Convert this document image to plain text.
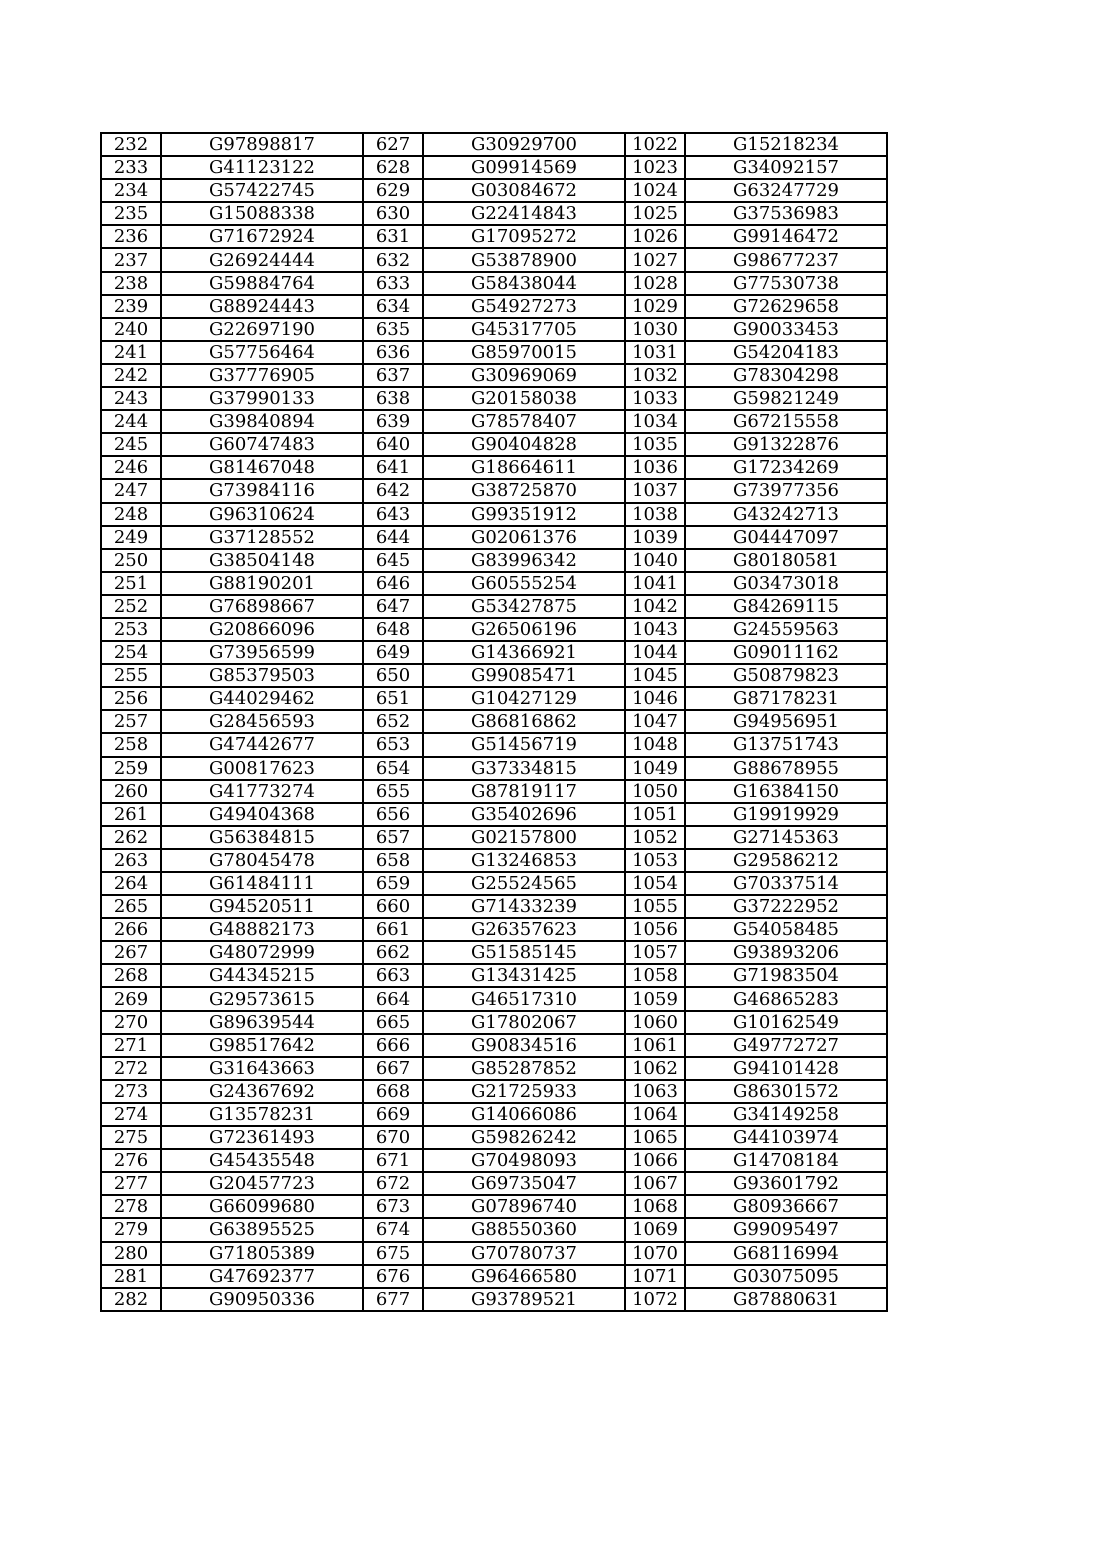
232	G97898817	627	G30929700	1022	G15218234
233	G41123122	628	G09914569	1023	G34092157
234	G57422745	629	G03084672	1024	G63247729
235	G15088338	630	G22414843	1025	G37536983
236	G71672924	631	G17095272	1026	G99146472
237	G26924444	632	G53878900	1027	G98677237
238	G59884764	633	G58438044	1028	G77530738
239	G88924443	634	G54927273	1029	G72629658
240	G22697190	635	G45317705	1030	G90033453
241	G57756464	636	G85970015	1031	G54204183
242	G37776905	637	G30969069	1032	G78304298
243	G37990133	638	G20158038	1033	G59821249
244	G39840894	639	G78578407	1034	G67215558
245	G60747483	640	G90404828	1035	G91322876
246	G81467048	641	G18664611	1036	G17234269
247	G73984116	642	G38725870	1037	G73977356
248	G96310624	643	G99351912	1038	G43242713
249	G37128552	644	G02061376	1039	G04447097
250	G38504148	645	G83996342	1040	G80180581
251	G88190201	646	G60555254	1041	G03473018
252	G76898667	647	G53427875	1042	G84269115
253	G20866096	648	G26506196	1043	G24559563
254	G73956599	649	G14366921	1044	G09011162
255	G85379503	650	G99085471	1045	G50879823
256	G44029462	651	G10427129	1046	G87178231
257	G28456593	652	G86816862	1047	G94956951
258	G47442677	653	G51456719	1048	G13751743
259	G00817623	654	G37334815	1049	G88678955
260	G41773274	655	G87819117	1050	G16384150
261	G49404368	656	G35402696	1051	G19919929
262	G56384815	657	G02157800	1052	G27145363
263	G78045478	658	G13246853	1053	G29586212
264	G61484111	659	G25524565	1054	G70337514
265	G94520511	660	G71433239	1055	G37222952
266	G48882173	661	G26357623	1056	G54058485
267	G48072999	662	G51585145	1057	G93893206
268	G44345215	663	G13431425	1058	G71983504
269	G29573615	664	G46517310	1059	G46865283
270	G89639544	665	G17802067	1060	G10162549
271	G98517642	666	G90834516	1061	G49772727
272	G31643663	667	G85287852	1062	G94101428
273	G24367692	668	G21725933	1063	G86301572
274	G13578231	669	G14066086	1064	G34149258
275	G72361493	670	G59826242	1065	G44103974
276	G45435548	671	G70498093	1066	G14708184
277	G20457723	672	G69735047	1067	G93601792
278	G66099680	673	G07896740	1068	G80936667
279	G63895525	674	G88550360	1069	G99095497
280	G71805389	675	G70780737	1070	G68116994
281	G47692377	676	G96466580	1071	G03075095
282	G90950336	677	G93789521	1072	G87880631
